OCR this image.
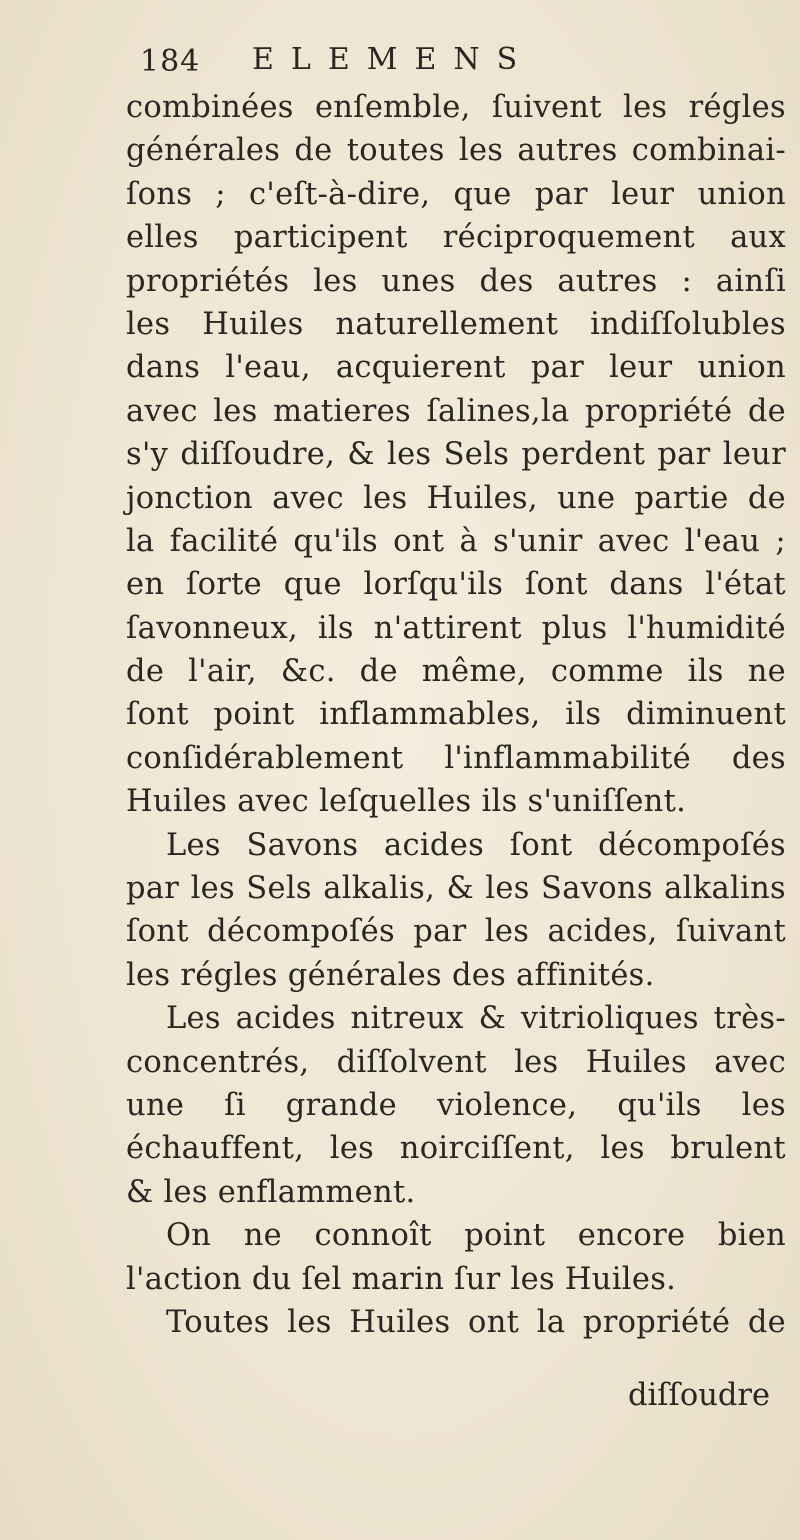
184 ELEMENS
combinées enſemble, ſuivent les régles
générales de toutes les autres combinai-
ſons ; c'eſt-à-dire, que par leur union
elles participent réciproquement aux
propriétés les unes des autres : ainſi
les Huiles naturellement indiſſolubles
dans l'eau, acquierent par leur union
avec les matieres ſalines,la propriété de
s'y diſſoudre, & les Sels perdent par leur
jonction avec les Huiles, une partie de
la facilité qu'ils ont à s'unir avec l'eau ;
en ſorte que lorſqu'ils ſont dans l'état
ſavonneux, ils n'attirent plus l'humidité
de l'air, &c. de même, comme ils ne
ſont point inflammables, ils diminuent
conſidérablement l'inflammabilité des
Huiles avec leſquelles ils s'uniſſent.
Les Savons acides ſont décompoſés
par les Sels alkalis, & les Savons alkalins
ſont décompoſés par les acides, ſuivant
les régles générales des affinités.
Les acides nitreux & vitrioliques très-
concentrés, diſſolvent les Huiles avec
une ſi grande violence, qu'ils les
échauffent, les noirciſſent, les brulent
& les enflamment.
On ne connoît point encore bien
l'action du ſel marin ſur les Huiles.
Toutes les Huiles ont la propriété de
diſſoudre
